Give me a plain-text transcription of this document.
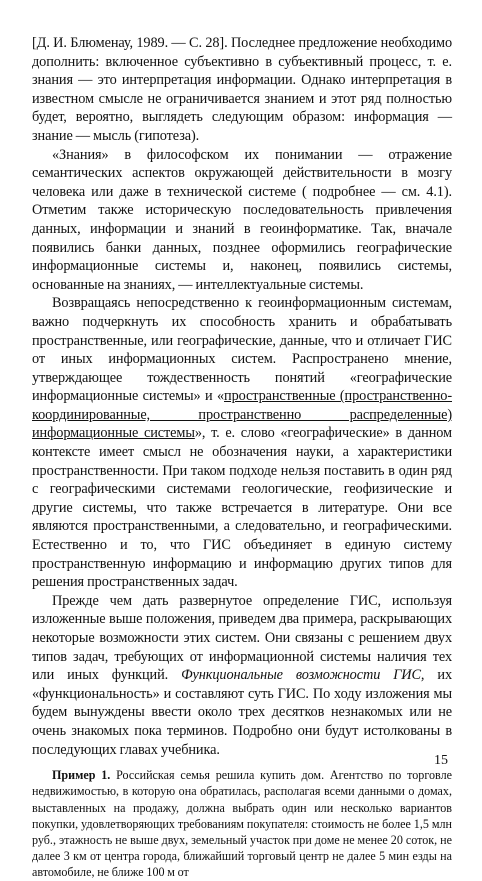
[Д. И. Блюменау, 1989. — С. 28]. Последнее предложение необходимо дополнить: включенное субъективно в субъективный процесс, т. е. знания — это интерпретация информации. Однако интерпретация в известном смысле не ограничивается знанием и этот ряд полностью будет, вероятно, выглядеть следующим образом: информация — знание — мысль (гипотеза).

«Знания» в философском их понимании — отражение семантических аспектов окружающей действительности в мозгу человека или даже в технической системе ( подробнее — см. 4.1). Отметим также историческую последовательность привлечения данных, информации и знаний в геоинформатике. Так, вначале появились банки данных, позднее оформились географические информационные системы и, наконец, появились системы, основанные на знаниях, — интеллектуальные системы.

Возвращаясь непосредственно к геоинформационным системам, важно подчеркнуть их способность хранить и обрабатывать пространственные, или географические, данные, что и отличает ГИС от иных информационных систем. Распространено мнение, утверждающее тождественность понятий «географические информационные системы» и «пространственные (пространственно-координированные, пространственно распределенные) информационные системы», т. е. слово «географические» в данном контексте имеет смысл не обозначения науки, а характеристики пространственности. При таком подходе нельзя поставить в один ряд с географическими системами геологические, геофизические и другие системы, что также встречается в литературе. Они все являются пространственными, а следовательно, и географическими. Естественно и то, что ГИС объединяет в единую систему пространственную информацию и информацию других типов для решения пространственных задач.

Прежде чем дать развернутое определение ГИС, используя изложенные выше положения, приведем два примера, раскрывающих некоторые возможности этих систем. Они связаны с решением двух типов задач, требующих от информационной системы наличия тех или иных функций. Функциональные возможности ГИС, их «функциональность» и составляют суть ГИС. По ходу изложения мы будем вынуждены ввести около трех десятков незнакомых или не очень знакомых пока терминов. Подробно они будут истолкованы в последующих главах учебника.

Пример 1. Российская семья решила купить дом. Агентство по торговле недвижимостью, в которую она обратилась, располагая всеми данными о домах, выставленных на продажу, должна выбрать один или несколько вариантов покупки, удовлетворяющих требованиям покупателя: стоимость не более 1,5 млн руб., этажность не выше двух, земельный участок при доме не менее 20 соток, не далее 3 км от центра города, ближайший торговый центр не далее 5 мин езды на автомобиле, не ближе 100 м от

15
